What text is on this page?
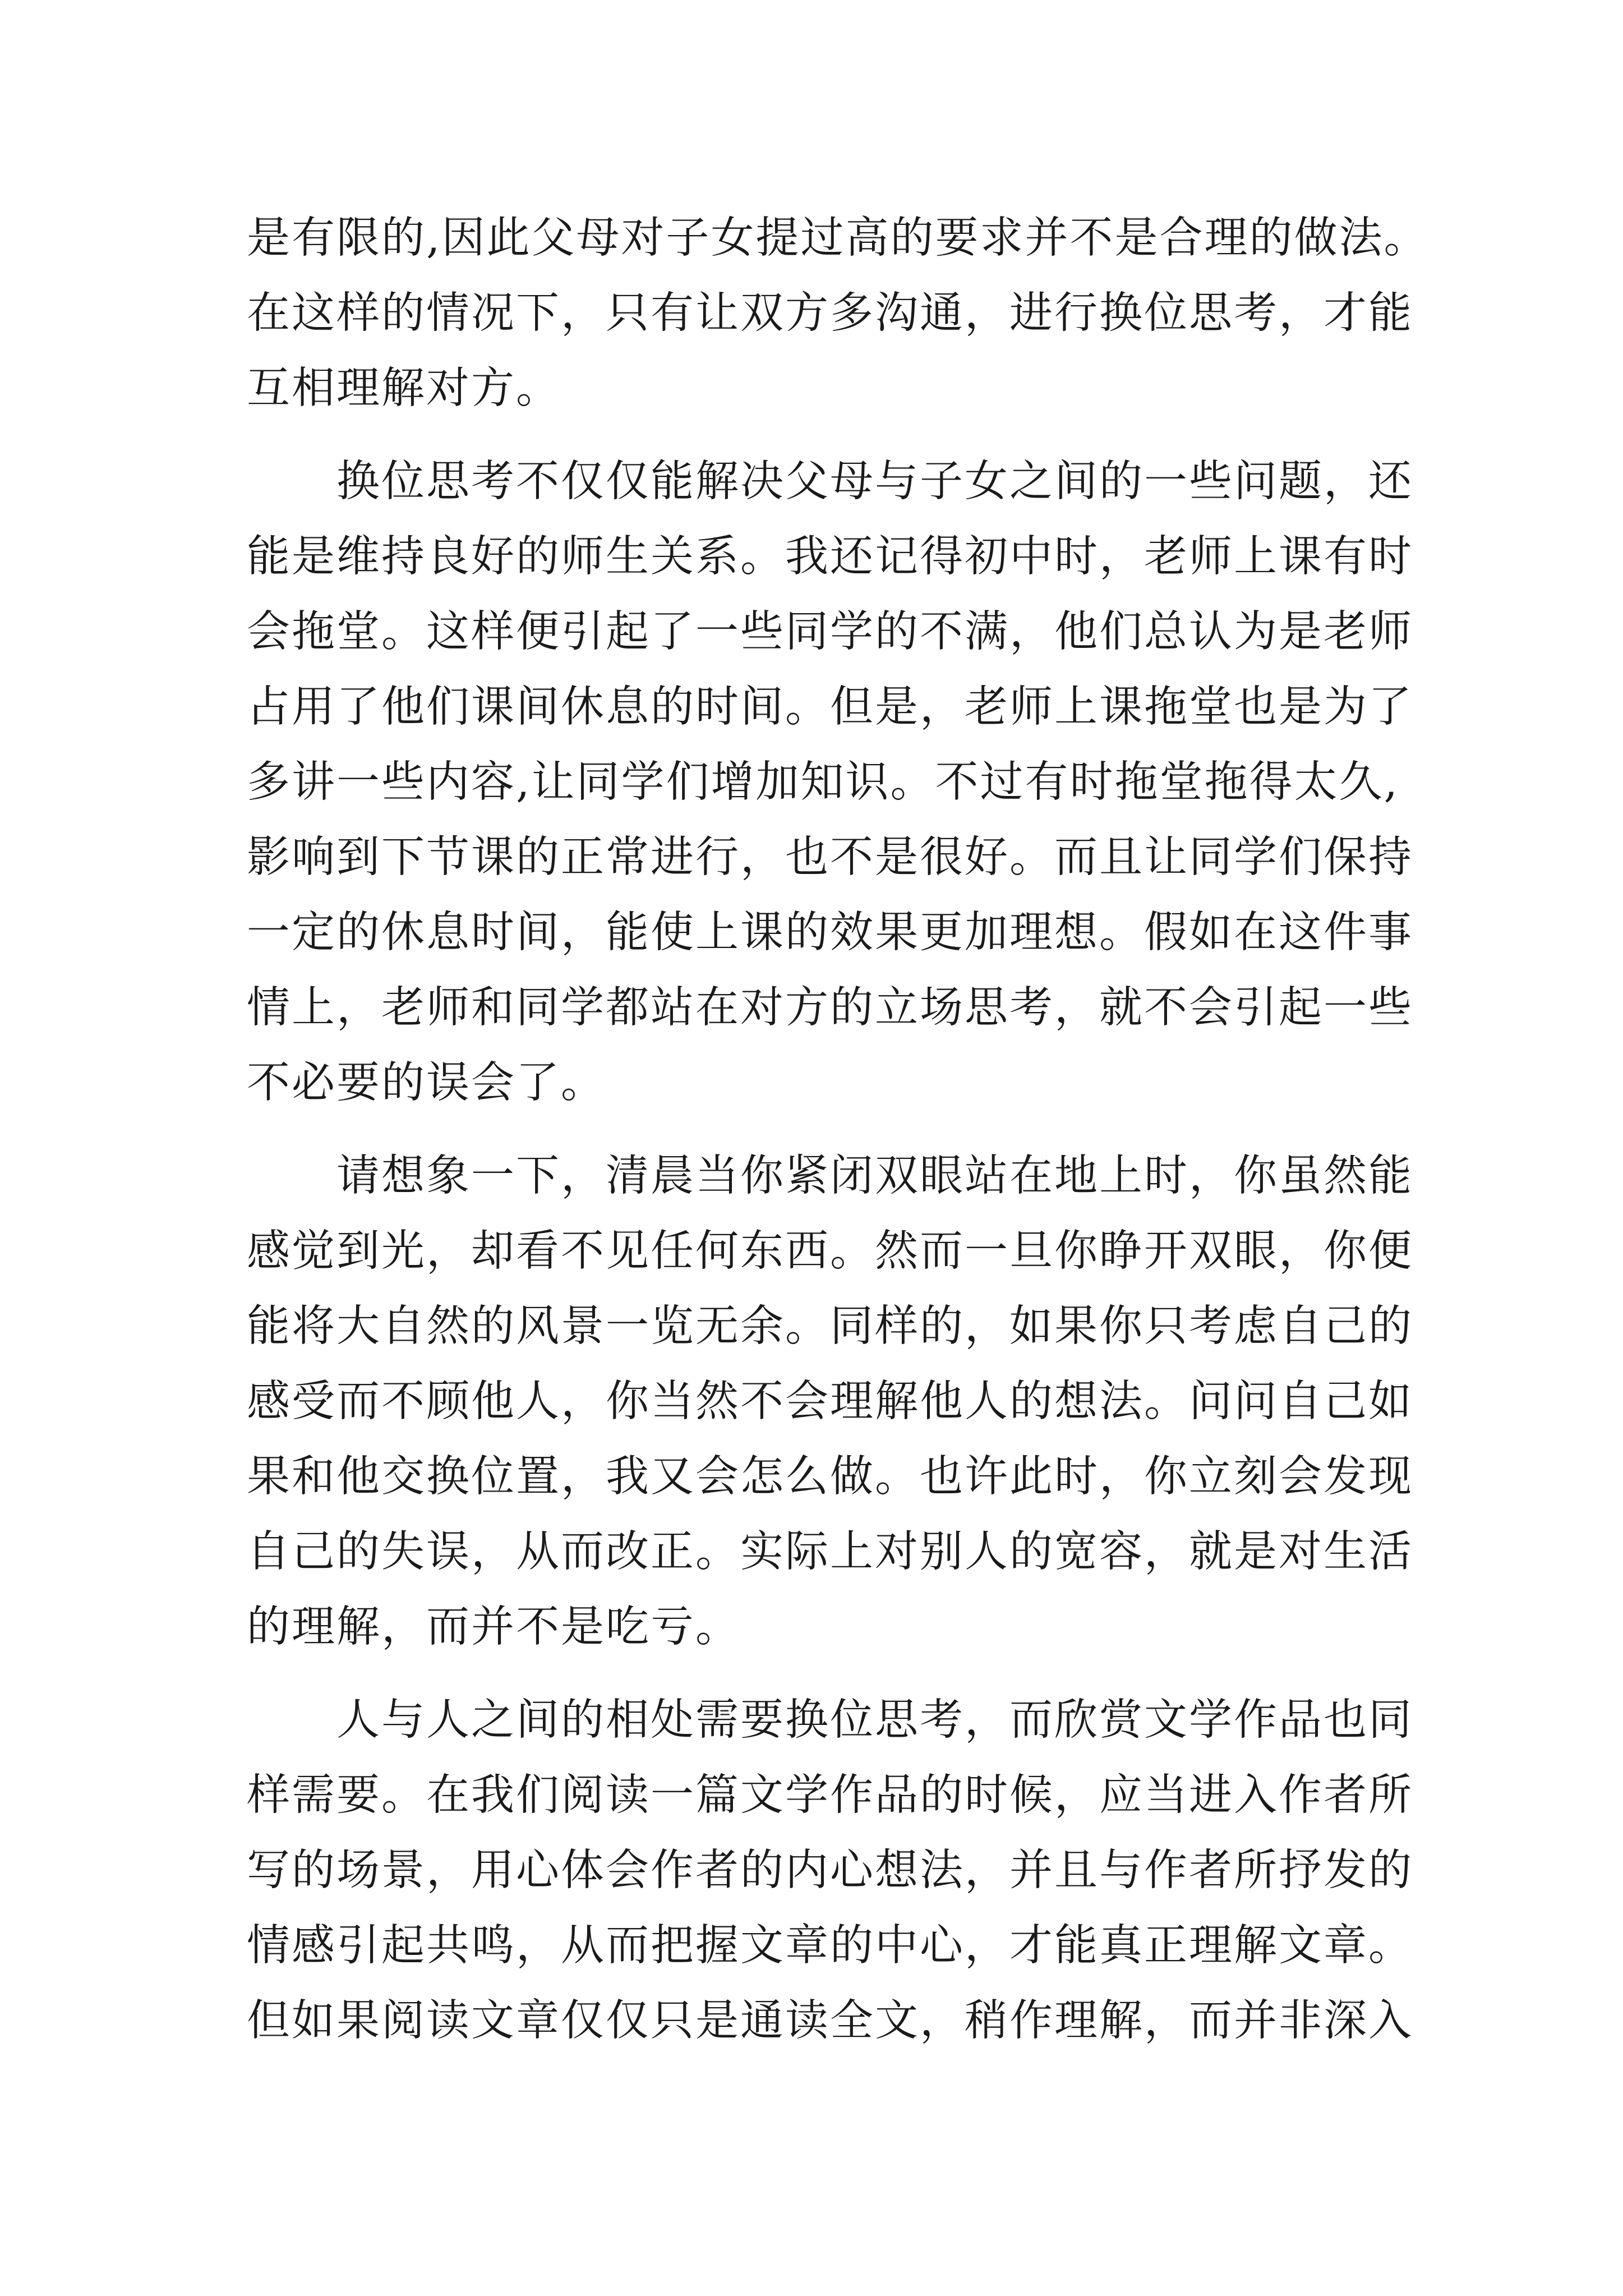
是有限的,因此父母对子女提过高的要求并不是合理的做法。
在这样的情况下，只有让双方多沟通，进行换位思考，才能
互相理解对方。
换位思考不仅仅能解决父母与子女之间的一些问题，还
能是维持良好的师生关系。我还记得初中时，老师上课有时
会拖堂。这样便引起了一些同学的不满，他们总认为是老师
占用了他们课间休息的时间。但是，老师上课拖堂也是为了
多讲一些内容,让同学们增加知识。不过有时拖堂拖得太久,
影响到下节课的正常进行，也不是很好。而且让同学们保持
一定的休息时间，能使上课的效果更加理想。假如在这件事
情上，老师和同学都站在对方的立场思考，就不会引起一些
不必要的误会了。
请想象一下，清晨当你紧闭双眼站在地上时，你虽然能
感觉到光，却看不见任何东西。然而一旦你睁开双眼，你便
能将大自然的风景一览无余。同样的，如果你只考虑自己的
感受而不顾他人，你当然不会理解他人的想法。问问自己如
果和他交换位置，我又会怎么做。也许此时，你立刻会发现
自己的失误，从而改正。实际上对别人的宽容，就是对生活
的理解，而并不是吃亏。
人与人之间的相处需要换位思考，而欣赏文学作品也同
样需要。在我们阅读一篇文学作品的时候，应当进入作者所
写的场景，用心体会作者的内心想法，并且与作者所抒发的
情感引起共鸣，从而把握文章的中心，才能真正理解文章。
但如果阅读文章仅仅只是通读全文，稍作理解，而并非深入
